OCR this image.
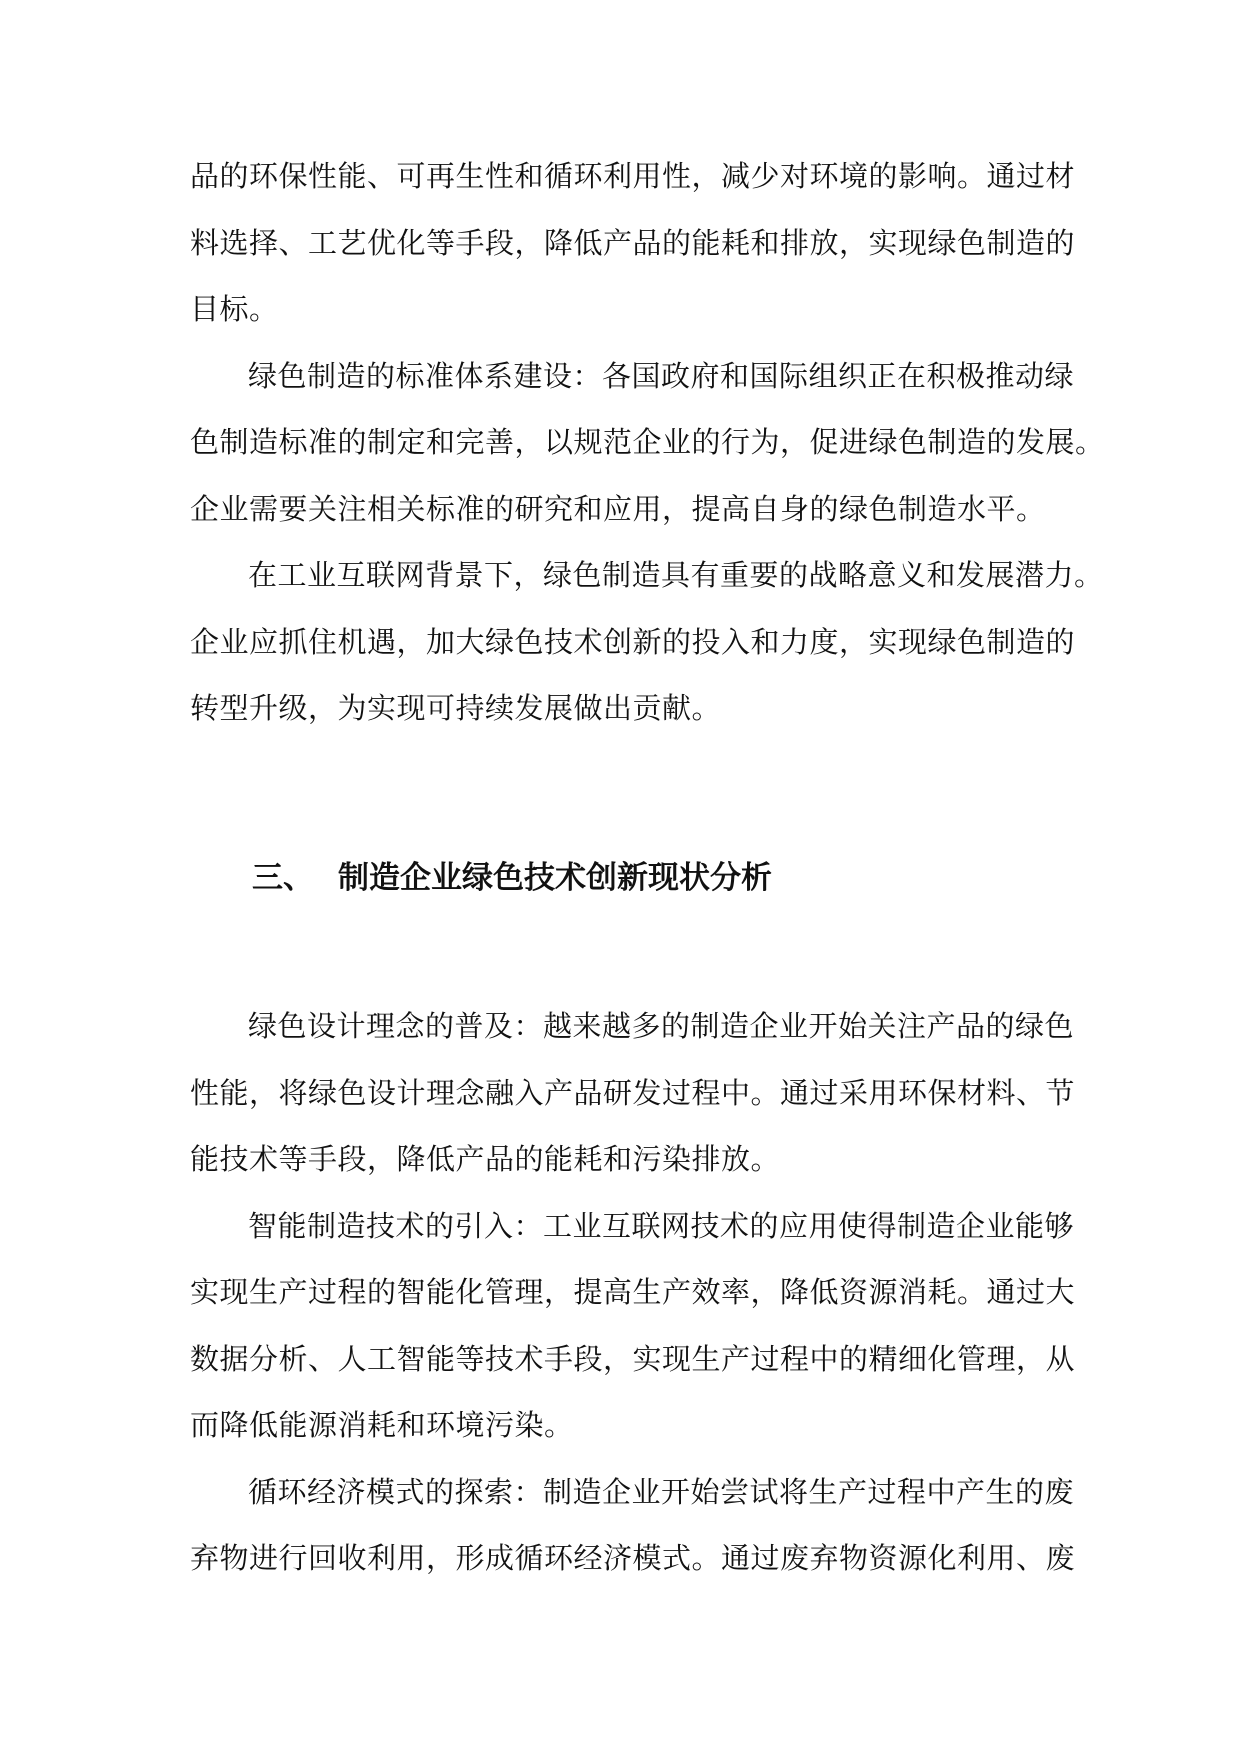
品的环保性能、可再生性和循环利用性，减少对环境的影响。通过材
料选择、工艺优化等手段，降低产品的能耗和排放，实现绿色制造的
目标。
绿色制造的标准体系建设：各国政府和国际组织正在积极推动绿
色制造标准的制定和完善，以规范企业的行为，促进绿色制造的发展。
企业需要关注相关标准的研究和应用，提高自身的绿色制造水平。
在工业互联网背景下，绿色制造具有重要的战略意义和发展潜力。
企业应抓住机遇，加大绿色技术创新的投入和力度，实现绿色制造的
转型升级，为实现可持续发展做出贡献。
三、 制造企业绿色技术创新现状分析
绿色设计理念的普及：越来越多的制造企业开始关注产品的绿色
性能，将绿色设计理念融入产品研发过程中。通过采用环保材料、节
能技术等手段，降低产品的能耗和污染排放。
智能制造技术的引入：工业互联网技术的应用使得制造企业能够
实现生产过程的智能化管理，提高生产效率，降低资源消耗。通过大
数据分析、人工智能等技术手段，实现生产过程中的精细化管理，从
而降低能源消耗和环境污染。
循环经济模式的探索：制造企业开始尝试将生产过程中产生的废
弃物进行回收利用，形成循环经济模式。通过废弃物资源化利用、废
